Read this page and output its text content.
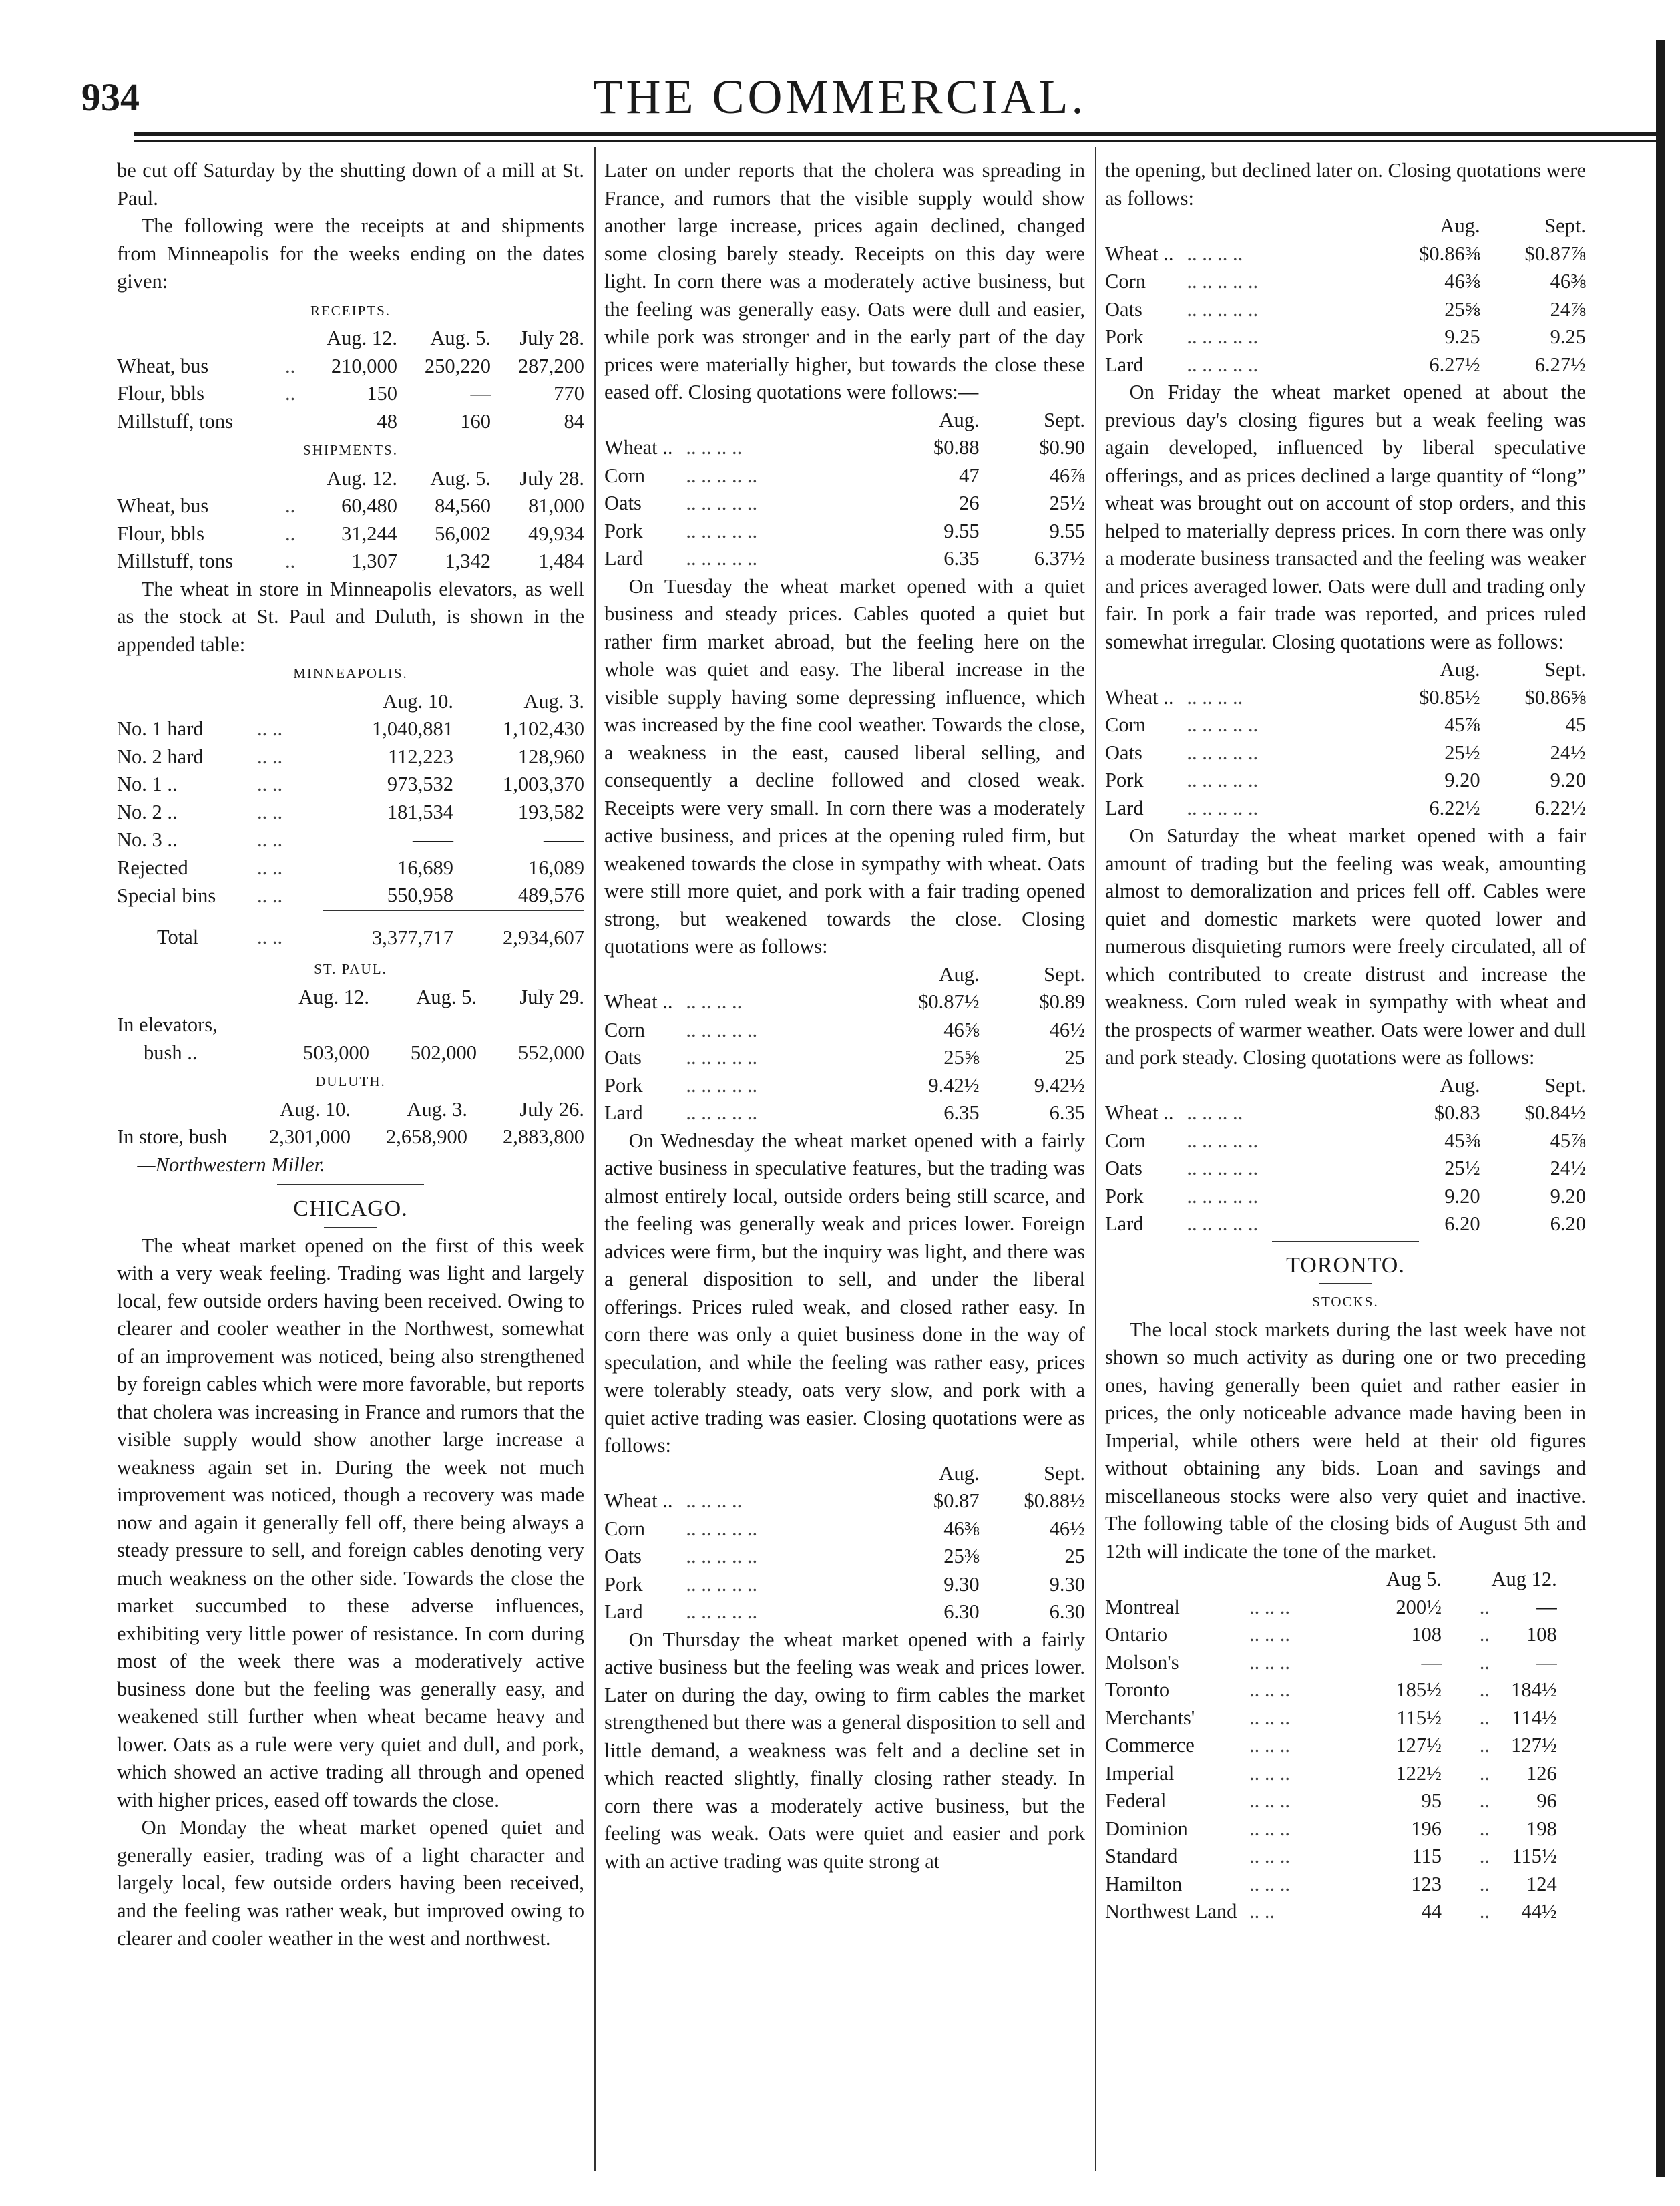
934	THE COMMERCIAL.

be cut off Saturday by the shutting down of a mill at St. Paul.

The following were the receipts at and shipments from Minneapolis for the weeks ending on the dates given:

RECEIPTS.
		Aug. 12.	Aug. 5.	July 28.
Wheat, bus	..	210,000	250,220	287,200
Flour, bbls	..	150	—	770
Millstuff, tons		48	160	84
SHIPMENTS.
		Aug. 12.	Aug. 5.	July 28.
Wheat, bus	..	60,480	84,560	81,000
Flour, bbls	..	31,244	56,002	49,934
Millstuff, tons	..	1,307	1,342	1,484

The wheat in store in Minneapolis elevators, as well as the stock at St. Paul and Duluth, is shown in the appended table:

MINNEAPOLIS.
		Aug. 10.	Aug. 3.
No. 1 hard	.. ..	1,040,881	1,102,430
No. 2 hard	.. ..	112,223	128,960
No. 1 ..	.. ..	973,532	1,003,370
No. 2 ..	.. ..	181,534	193,582
No. 3 ..	.. ..	——	——
Rejected	.. ..	16,689	16,089
Special bins	.. ..	550,958	489,576
Total	.. ..	3,377,717	2,934,607
ST. PAUL.
	Aug. 12.	Aug. 5.	July 29.
In elevators,			
bush ..	503,000	502,000	552,000
DULUTH.
	Aug. 10.	Aug. 3.	July 26.
In store, bush	2,301,000	2,658,900	2,883,800
—Northwestern Miller.
CHICAGO.

The wheat market opened on the first of this week with a very weak feeling. Trading was light and largely local, few outside orders having been received. Owing to clearer and cooler weather in the Northwest, somewhat of an improvement was noticed, being also strengthened by foreign cables which were more favorable, but reports that cholera was increasing in France and rumors that the visible supply would show another large increase a weakness again set in. During the week not much improvement was noticed, though a recovery was made now and again it generally fell off, there being always a steady pressure to sell, and foreign cables denoting very much weakness on the other side. Towards the close the market succumbed to these adverse influences, exhibiting very little power of resistance. In corn during most of the week there was a moderatively active business done but the feeling was generally easy, and weakened still further when wheat became heavy and lower. Oats as a rule were very quiet and dull, and pork, which showed an active trading all through and opened with higher prices, eased off towards the close.

On Monday the wheat market opened quiet and generally easier, trading was of a light character and largely local, few outside orders having been received, and the feeling was rather weak, but improved owing to clearer and cooler weather in the west and northwest.

Later on under reports that the cholera was spreading in France, and rumors that the visible supply would show another large increase, prices again declined, changed some closing barely steady. Receipts on this day were light. In corn there was a moderately active business, but the feeling was generally easy. Oats were dull and easier, while pork was stronger and in the early part of the day prices were materially higher, but towards the close these eased off. Closing quotations were follows:—

		Aug.	Sept.
Wheat ..	.. .. .. ..	$0.88	$0.90
Corn	.. .. .. .. ..	47	46⅞
Oats	.. .. .. .. ..	26	25½
Pork	.. .. .. .. ..	9.55	9.55
Lard	.. .. .. .. ..	6.35	6.37½

On Tuesday the wheat market opened with a quiet business and steady prices. Cables quoted a quiet but rather firm market abroad, but the feeling here on the whole was quiet and easy. The liberal increase in the visible supply having some depressing influence, which was increased by the fine cool weather. Towards the close, a weakness in the east, caused liberal selling, and consequently a decline followed and closed weak. Receipts were very small. In corn there was a moderately active business, and prices at the opening ruled firm, but weakened towards the close in sympathy with wheat. Oats were still more quiet, and pork with a fair trading opened strong, but weakened towards the close. Closing quotations were as follows:

		Aug.	Sept.
Wheat ..	.. .. .. ..	$0.87½	$0.89
Corn	.. .. .. .. ..	46⅝	46½
Oats	.. .. .. .. ..	25⅝	25
Pork	.. .. .. .. ..	9.42½	9.42½
Lard	.. .. .. .. ..	6.35	6.35

On Wednesday the wheat market opened with a fairly active business in speculative features, but the trading was almost entirely local, outside orders being still scarce, and the feeling was generally weak and prices lower. Foreign advices were firm, but the inquiry was light, and there was a general disposition to sell, and under the liberal offerings. Prices ruled weak, and closed rather easy. In corn there was only a quiet business done in the way of speculation, and while the feeling was rather easy, prices were tolerably steady, oats very slow, and pork with a quiet active trading was easier. Closing quotations were as follows:

		Aug.	Sept.
Wheat ..	.. .. .. ..	$0.87	$0.88½
Corn	.. .. .. .. ..	46⅜	46½
Oats	.. .. .. .. ..	25⅜	25
Pork	.. .. .. .. ..	9.30	9.30
Lard	.. .. .. .. ..	6.30	6.30

On Thursday the wheat market opened with a fairly active business but the feeling was weak and prices lower. Later on during the day, owing to firm cables the market strengthened but there was a general disposition to sell and little demand, a weakness was felt and a decline set in which reacted slightly, finally closing rather steady. In corn there was a moderately active business, but the feeling was weak. Oats were quiet and easier and pork with an active trading was quite strong at

the opening, but declined later on. Closing quotations were as follows:

		Aug.	Sept.
Wheat ..	.. .. .. ..	$0.86⅜	$0.87⅞
Corn	.. .. .. .. ..	46⅜	46⅜
Oats	.. .. .. .. ..	25⅝	24⅞
Pork	.. .. .. .. ..	9.25	9.25
Lard	.. .. .. .. ..	6.27½	6.27½

On Friday the wheat market opened at about the previous day's closing figures but a weak feeling was again developed, influenced by liberal speculative offerings, and as prices declined a large quantity of “long” wheat was brought out on account of stop orders, and this helped to materially depress prices. In corn there was only a moderate business transacted and the feeling was weaker and prices averaged lower. Oats were dull and trading only fair. In pork a fair trade was reported, and prices ruled somewhat irregular. Closing quotations were as follows:

		Aug.	Sept.
Wheat ..	.. .. .. ..	$0.85½	$0.86⅝
Corn	.. .. .. .. ..	45⅞	45
Oats	.. .. .. .. ..	25½	24½
Pork	.. .. .. .. ..	9.20	9.20
Lard	.. .. .. .. ..	6.22½	6.22½

On Saturday the wheat market opened with a fair amount of trading but the feeling was weak, amounting almost to demoralization and prices fell off. Cables were quiet and domestic markets were quoted lower and numerous disquieting rumors were freely circulated, all of which contributed to create distrust and increase the weakness. Corn ruled weak in sympathy with wheat and the prospects of warmer weather. Oats were lower and dull and pork steady. Closing quotations were as follows:

		Aug.	Sept.
Wheat ..	.. .. .. ..	$0.83	$0.84½
Corn	.. .. .. .. ..	45⅜	45⅞
Oats	.. .. .. .. ..	25½	24½
Pork	.. .. .. .. ..	9.20	9.20
Lard	.. .. .. .. ..	6.20	6.20
TORONTO.
STOCKS.

The local stock markets during the last week have not shown so much activity as during one or two preceding ones, having generally been quiet and rather easier in prices, the only noticeable advance made having been in Imperial, while others were held at their old figures without obtaining any bids. Loan and savings and miscellaneous stocks were also very quiet and inactive. The following table of the closing bids of August 5th and 12th will indicate the tone of the market.

		Aug 5.		Aug 12.	
Montreal	.. .. ..	200½	..	—	
Ontario	.. .. ..	108	..	108	
Molson's	.. .. ..	—	..	—	
Toronto	.. .. ..	185½	..	184½	
Merchants'	.. .. ..	115½	..	114½	
Commerce	.. .. ..	127½	..	127½	
Imperial	.. .. ..	122½	..	126	
Federal	.. .. ..	95	..	96	
Dominion	.. .. ..	196	..	198	
Standard	.. .. ..	115	..	115½	
Hamilton	.. .. ..	123	..	124	
Northwest Land	.. ..	44	..	44½	
